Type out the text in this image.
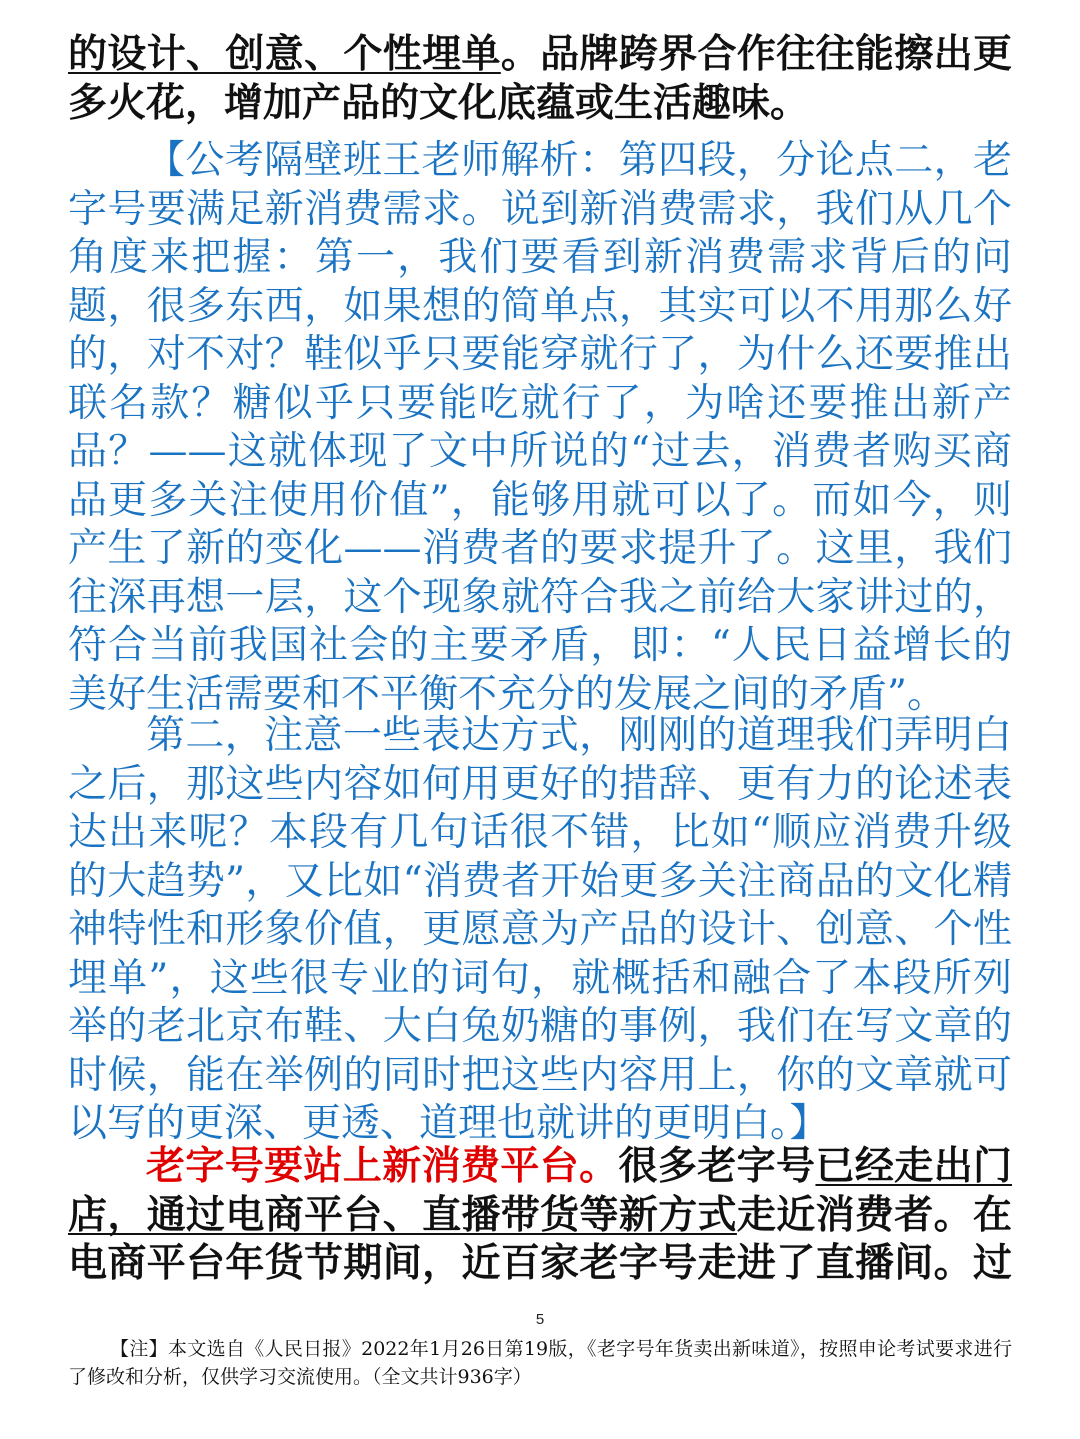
的设计、创意、个性埋单。品牌跨界合作往往能擦出更多火花，增加产品的文化底蕴或生活趣味。

【公考隔壁班王老师解析：第四段，分论点二，老字号要满足新消费需求。说到新消费需求，我们从几个角度来把握：第一，我们要看到新消费需求背后的问题，很多东西，如果想的简单点，其实可以不用那么好的，对不对？鞋似乎只要能穿就行了，为什么还要推出联名款？糖似乎只要能吃就行了，为啥还要推出新产品？——这就体现了文中所说的“过去，消费者购买商品更多关注使用价值”，能够用就可以了。而如今，则产生了新的变化——消费者的要求提升了。这里，我们往深再想一层，这个现象就符合我之前给大家讲过的，符合当前我国社会的主要矛盾，即：“人民日益增长的美好生活需要和不平衡不充分的发展之间的矛盾”。

第二，注意一些表达方式，刚刚的道理我们弄明白之后，那这些内容如何用更好的措辞、更有力的论述表达出来呢？本段有几句话很不错，比如“顺应消费升级的大趋势”，又比如“消费者开始更多关注商品的文化精神特性和形象价值，更愿意为产品的设计、创意、个性埋单”，这些很专业的词句，就概括和融合了本段所列举的老北京布鞋、大白兔奶糖的事例，我们在写文章的时候，能在举例的同时把这些内容用上，你的文章就可以写的更深、更透、道理也就讲的更明白。】

老字号要站上新消费平台。很多老字号已经走出门店，通过电商平台、直播带货等新方式走近消费者。在电商平台年货节期间，近百家老字号走进了直播间。过

5
【注】本文选自《人民日报》2022年1月26日第19版，《老字号年货卖出新味道》，按照申论考试要求进行了修改和分析，仅供学习交流使用。（全文共计936字）
